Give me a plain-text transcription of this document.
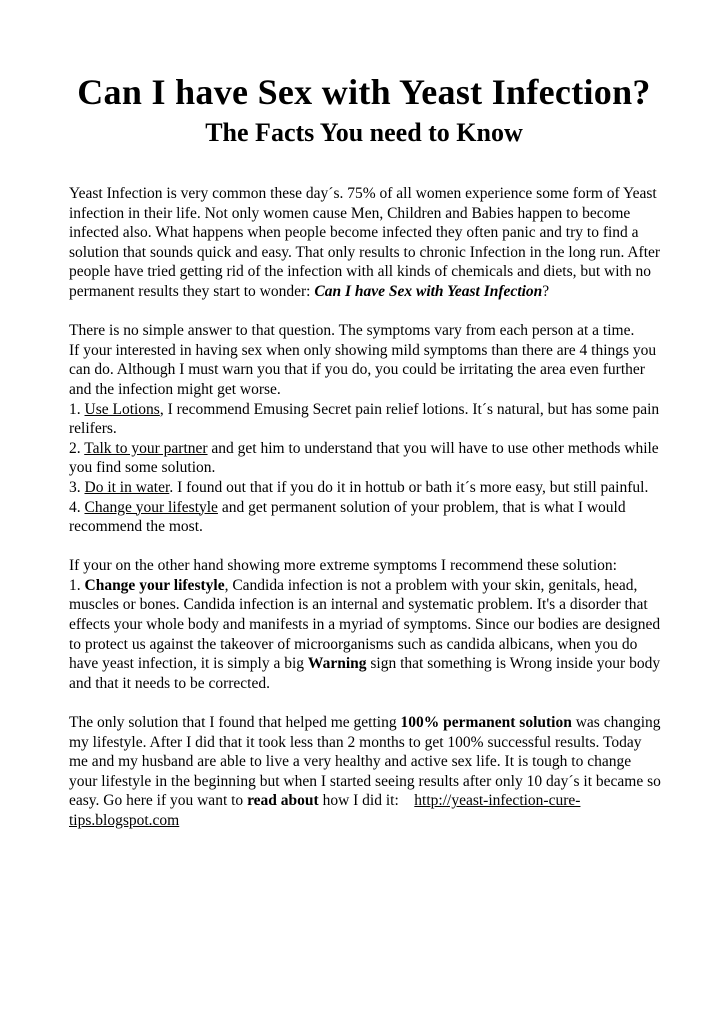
Can I have Sex with Yeast Infection?
The Facts You need to Know

Yeast Infection is very common these day´s. 75% of all women experience some form of Yeast infection in their life. Not only women cause Men, Children and Babies happen to become infected also. What happens when people become infected they often panic and try to find a solution that sounds quick and easy. That only results to chronic Infection in the long run. After people have tried getting rid of the infection with all kinds of chemicals and diets, but with no permanent results they start to wonder: Can I have Sex with Yeast Infection?

There is no simple answer to that question. The symptoms vary from each person at a time.

If your interested in having sex when only showing mild symptoms than there are 4 things you can do. Although I must warn you that if you do, you could be irritating the area even further and the infection might get worse.

1. Use Lotions, I recommend Emusing Secret pain relief lotions. It´s natural, but has some pain relifers.

2. Talk to your partner and get him to understand that you will have to use other methods while you find some solution.

3. Do it in water. I found out that if you do it in hottub or bath it´s more easy, but still painful.

4. Change your lifestyle and get permanent solution of your problem, that is what I would recommend the most.

If your on the other hand showing more extreme symptoms I recommend these solution:

1. Change your lifestyle, Candida infection is not a problem with your skin, genitals, head, muscles or bones. Candida infection is an internal and systematic problem. It's a disorder that effects your whole body and manifests in a myriad of symptoms. Since our bodies are designed to protect us against the takeover of microorganisms such as candida albicans, when you do have yeast infection, it is simply a big Warning sign that something is Wrong inside your body and that it needs to be corrected.

The only solution that I found that helped me getting 100% permanent solution was changing my lifestyle. After I did that it took less than 2 months to get 100% successful results. Today me and my husband are able to live a very healthy and active sex life. It is tough to change your lifestyle in the beginning but when I started seeing results after only 10 day´s it became so easy. Go here if you want to read about how I did it:    http://yeast-infection-cure-tips.blogspot.com
